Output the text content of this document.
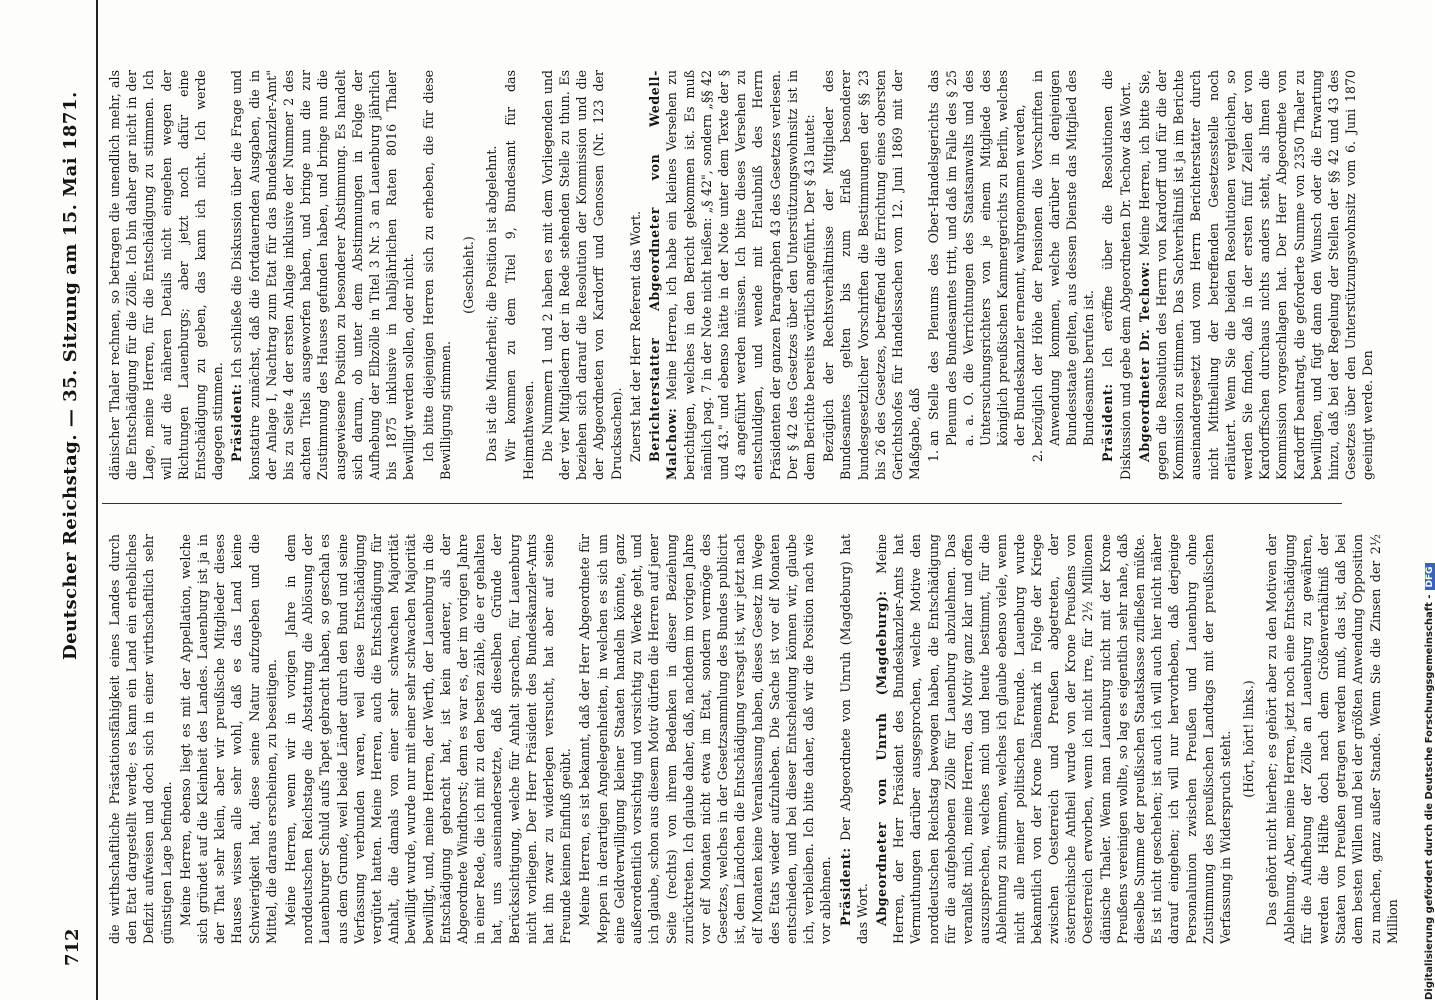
712
Deutscher Reichstag. — 35. Sitzung am 15. Mai 1871.

die wirthschaftliche Prästationsfähigkeit eines Landes durch den Etat dargestellt werde; es kann ein Land ein erhebliches Defizit aufweisen und doch sich in einer wirthschaftlich sehr günstigen Lage befinden. Meine Herren, ebenso liegt es mit der Appellation, welche sich gründet auf die Kleinheit des Landes. Lauenburg ist ja in der That sehr klein, aber wir preußische Mitglieder dieses Hauses wissen alle sehr wohl, daß es das Land keine Schwierigkeit hat, diese seine Natur aufzugeben und die Mittel, die daraus erscheinen, zu beseitigen. Meine Herren, wenn wir in vorigen Jahre in dem norddeutschen Reichstage die Abstattung die Ablösung der Lauenburger Schuld aufs Tapet gebracht haben, so geschah es aus dem Grunde, weil beide Länder durch den Bund und seine Verfassung verbunden waren, weil diese Entschädigung vergütet hatten. Meine Herren, auch die Entschädigung für Anhalt, die damals von einer sehr schwachen Majorität bewilligt wurde, wurde nur mit einer sehr schwachen Majorität bewilligt, und, meine Herren, der Werth, der Lauenburg in die Entschädigung gebracht hat, ist kein anderer, als der Abgeordnete Windthorst; denn es war es, der im vorigen Jahre in einer Rede, die ich mit zu den besten zähle, die er gehalten hat, uns auseinandersetzte, daß dieselben Gründe der Berücksichtigung, welche für Anhalt sprachen, für Lauenburg nicht vorliegen. Der Herr Präsident des Bundeskanzler-Amts hat ihn zwar zu widerlegen versucht, hat aber auf seine Freunde keinen Einfluß geübt. Meine Herren, es ist bekannt, daß der Herr Abgeordnete für Meppen in derartigen Angelegenheiten, in welchen es sich um eine Geldverwilligung kleiner Staaten handeln könnte, ganz außerordentlich vorsichtig und vorsichtig zu Werke geht, und ich glaube, schon aus diesem Motiv dürfen die Herren auf jener Seite (rechts) von ihrem Bedenken in dieser Beziehung zurücktreten. Ich glaube daher, daß, nachdem im vorigen Jahre vor elf Monaten nicht etwa im Etat, sondern vermöge des Gesetzes, welches in der Gesetzsammlung des Bundes publicirt ist, dem Ländchen die Entschädigung versagt ist, wir jetzt nach elf Monaten keine Veranlassung haben, dieses Gesetz im Wege des Etats wieder aufzuheben. Die Sache ist vor elf Monaten entschieden, und bei dieser Entscheidung können wir, glaube ich, verbleiben. Ich bitte daher, daß wir die Position nach wie vor ablehnen. Präsident: Der Abgeordnete von Unruh (Magdeburg) hat das Wort. Abgeordneter von Unruh (Magdeburg): Meine Herren, der Herr Präsident des Bundeskanzler-Amts hat Vermuthungen darüber ausgesprochen, welche Motive den norddeutschen Reichstag bewogen haben, die Entschädigung für die aufgehobenen Zölle für Lauenburg abzulehnen. Das veranlaßt mich, meine Herren, das Motiv ganz klar und offen auszusprechen, welches mich und heute bestimmt, für die Ablehnung zu stimmen, welches ich glaube ebenso viele, wenn nicht alle meiner politischen Freunde. Lauenburg wurde bekanntlich von der Krone Dänemark in Folge der Kriege zwischen Oesterreich und Preußen abgetreten, der österreichische Antheil wurde von der Krone Preußens von Oesterreich erworben, wenn ich nicht irre, für 2½ Millionen dänische Thaler. Wenn man Lauenburg nicht mit der Krone Preußens vereinigen wollte, so lag es eigentlich sehr nahe, daß dieselbe Summe der preußischen Staatskasse zufließen müßte. Es ist nicht geschehen; ist auch ich will auch hier nicht näher darauf eingehen; ich will nur hervorheben, daß derjenige Personalunion zwischen Preußen und Lauenburg ohne Zustimmung des preußischen Landtags mit der preußischen Verfassung in Widerspruch steht. (Hört, hört! links.) Das gehört nicht hierher; es gehört aber zu den Motiven der Ablehnung. Aber, meine Herren, jetzt noch eine Entschädigung für die Aufhebung der Zölle an Lauenburg zu gewähren, werden die Hälfte doch nach dem Größenverhältniß der Staaten von Preußen getragen werden muß, das ist, daß bei dem besten Willen und bei der größten Anwendung Opposition zu machen, ganz außer Stande. Wenn Sie die Zinsen der 2½ Million

dänischer Thaler rechnen, so betragen die unendlich mehr, als die Entschädigung für die Zölle. Ich bin daher gar nicht in der Lage, meine Herren, für die Entschädigung zu stimmen. Ich will auf die näheren Details nicht eingehen wegen der Richtungen Lauenburgs; aber jetzt noch dafür eine Entschädigung zu geben, das kann ich nicht. Ich werde dagegen stimmen. Präsident: Ich schließe die Diskussion über die Frage und konstatire zunächst, daß die fortdauernden Ausgaben, die in der Anlage I, Nachtrag zum Etat für das Bundeskanzler-Amt" bis zu Seite 4 der ersten Anlage inklusive der Nummer 2 des achten Titels ausgeworfen haben, und bringe nun die zur Zustimmung des Hauses gefunden haben, und bringe nun die ausgewiesene Position zu besonderer Abstimmung. Es handelt sich darum, ob unter dem Abstimmungen in Folge der Aufhebung der Elbzölle in Titel 3 Nr. 3 an Lauenburg jährlich bis 1875 inklusive in halbjährlichen Raten 8016 Thaler bewilligt werden sollen, oder nicht. Ich bitte diejenigen Herren sich zu erheben, die für diese Bewilligung stimmen.

(Geschieht.) Das ist die Minderheit; die Position ist abgelehnt. Wir kommen zu dem Titel 9, Bundesamt für das Heimathwesen. Die Nummern 1 und 2 haben es mit dem Vorliegenden und der vier Mitgliedern der in Rede stehenden Stelle zu thun. Es beziehen sich darauf die Resolution der Kommission und die der Abgeordneten von Kardorff und Genossen (Nr. 123 der Drucksachen). Zuerst hat der Herr Referent das Wort. Berichterstatter Abgeordneter von Wedell-Malchow: Meine Herren, ich habe ein kleines Versehen zu berichtigen, welches in den Bericht gekommen ist. Es muß nämlich pag. 7 in der Note nicht heißen: „§ 42", sondern „§§ 42 und 43." und ebenso hätte in der Note unter dem Texte der § 43 angeführt werden müssen. Ich bitte dieses Versehen zu entschuldigen, und wende mit Erlaubniß des Herrn Präsidenten der ganzen Paragraphen 43 des Gesetzes verlesen. Der § 42 des Gesetzes über den Unterstützungswohnsitz ist in dem Berichte bereits wörtlich angeführt. Der § 43 lautet: Bezüglich der Rechtsverhältnisse der Mitglieder des Bundesamtes gelten bis zum Erlaß besonderer bundesgesetzlicher Vorschriften die Bestimmungen der §§ 23 bis 26 des Gesetzes, betreffend die Errichtung eines obersten Gerichtshofes für Handelssachen vom 12. Juni 1869 mit der Maßgabe, daß 1. an Stelle des Plenums des Ober-Handelsgerichts das Plenum des Bundesamtes tritt, und daß im Falle des § 25 a. a. O. die Verrichtungen des Staatsanwalts und des Untersuchungsrichters von je einem Mitgliede des königlich preußischen Kammergerichts zu Berlin, welches der Bundeskanzler ernennt, wahrgenommen werden, 2. bezüglich der Höhe der Pensionen die Vorschriften in Anwendung kommen, welche darüber in denjenigen Bundesstaate gelten, aus dessen Dienste das Mitglied des Bundesamts berufen ist. Präsident: Ich eröffne über die Resolutionen die Diskussion und gebe dem Abgeordneten Dr. Techow das Wort. Abgeordneter Dr. Techow: Meine Herren, ich bitte Sie, gegen die Resolution des Herrn von Kardorff und für die der Kommission zu stimmen. Das Sachverhältniß ist ja im Berichte auseinandergesetzt und vom Herrn Berichterstatter durch nicht Mittheilung der betreffenden Gesetzesstelle noch erläutert. Wenn Sie die beiden Resolutionen vergleichen, so werden Sie finden, daß in der ersten fünf Zeilen der von Kardorffschen durchaus nichts anders steht, als Ihnen die Kommission vorgeschlagen hat. Der Herr Abgeordnete von Kardorff beantragt, die geforderte Summe von 2350 Thaler zu bewilligen, und fügt dann den Wunsch oder die Erwartung hinzu, daß bei der Regelung der Stellen der §§ 42 und 43 des Gesetzes über den Unterstützungswohnsitz vom 6. Juni 1870 geeinigt werde. Den

Digitalisierung gefördert durch die Deutsche Forschungsgemeinschaft -DFG
